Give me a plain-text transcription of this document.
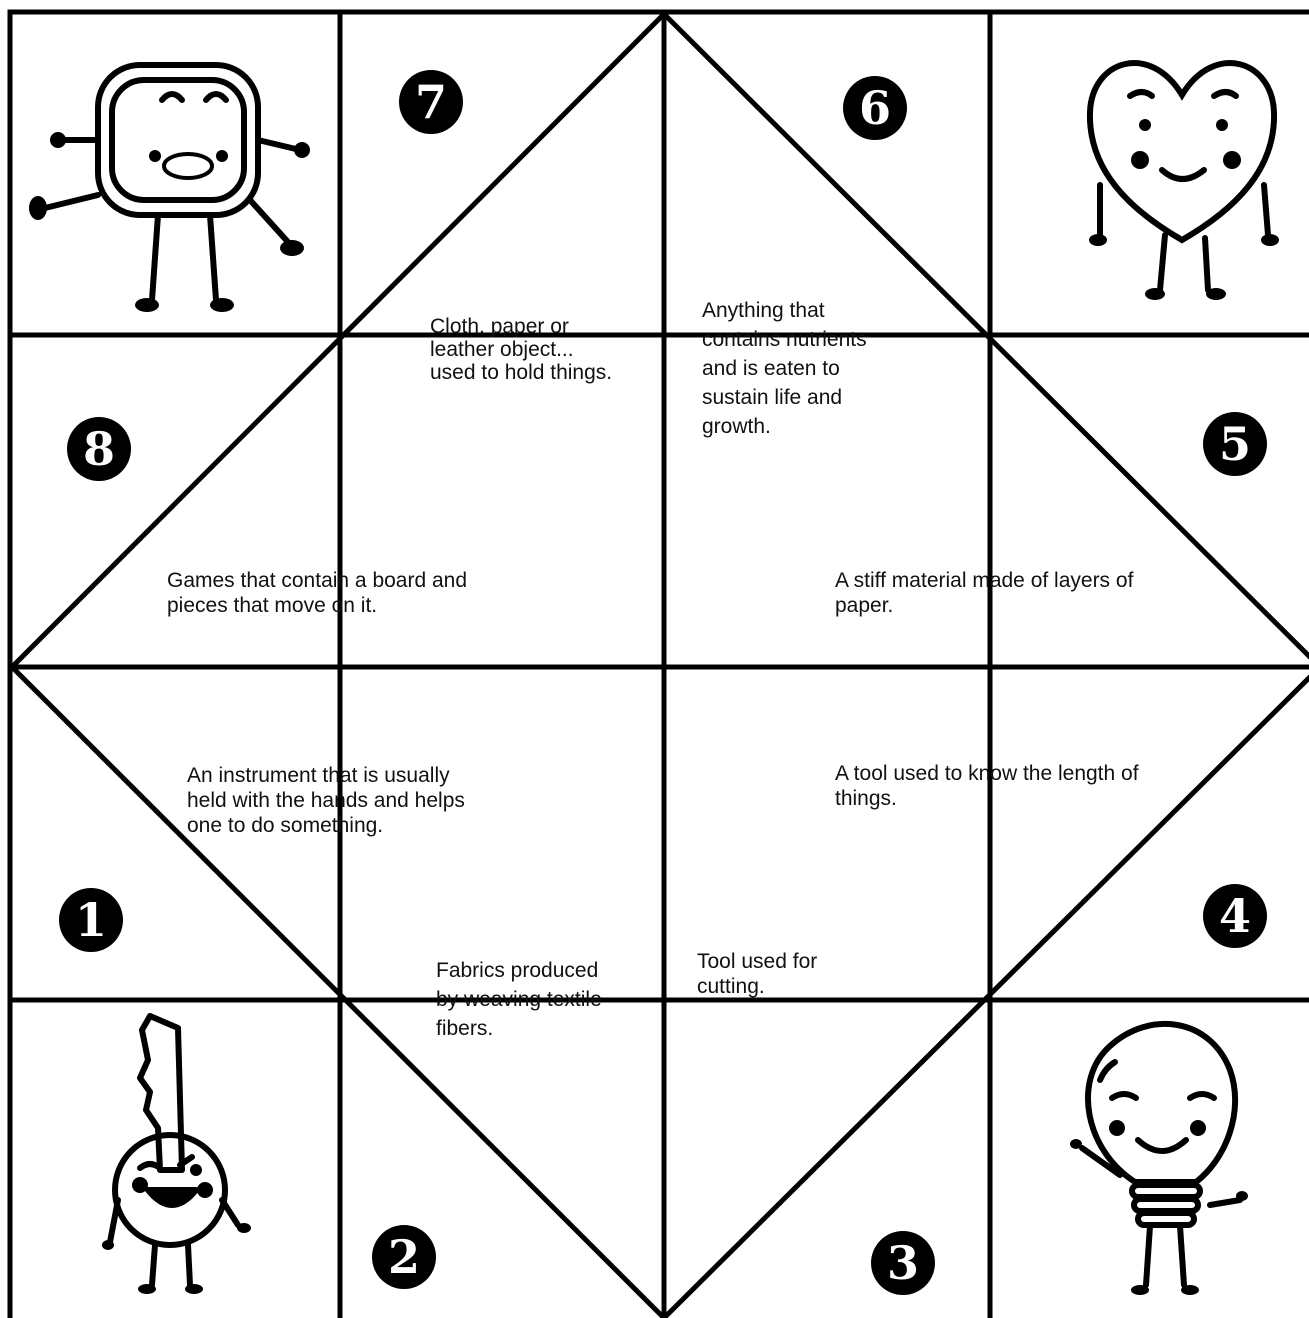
7	6
8	5
1	4
2	3

Cloth, paper or
leather object...
used to hold things.

Anything that
contains nutrients
and is eaten to
sustain life and
growth.

Games that contain a board and
pieces that move on it.

A stiff material made of layers of
paper.

An instrument that is usually
held with the hands and helps
one to do something.

A tool used to know the length of
things.

Fabrics produced
by weaving textile
fibers.

Tool used for
cutting.
